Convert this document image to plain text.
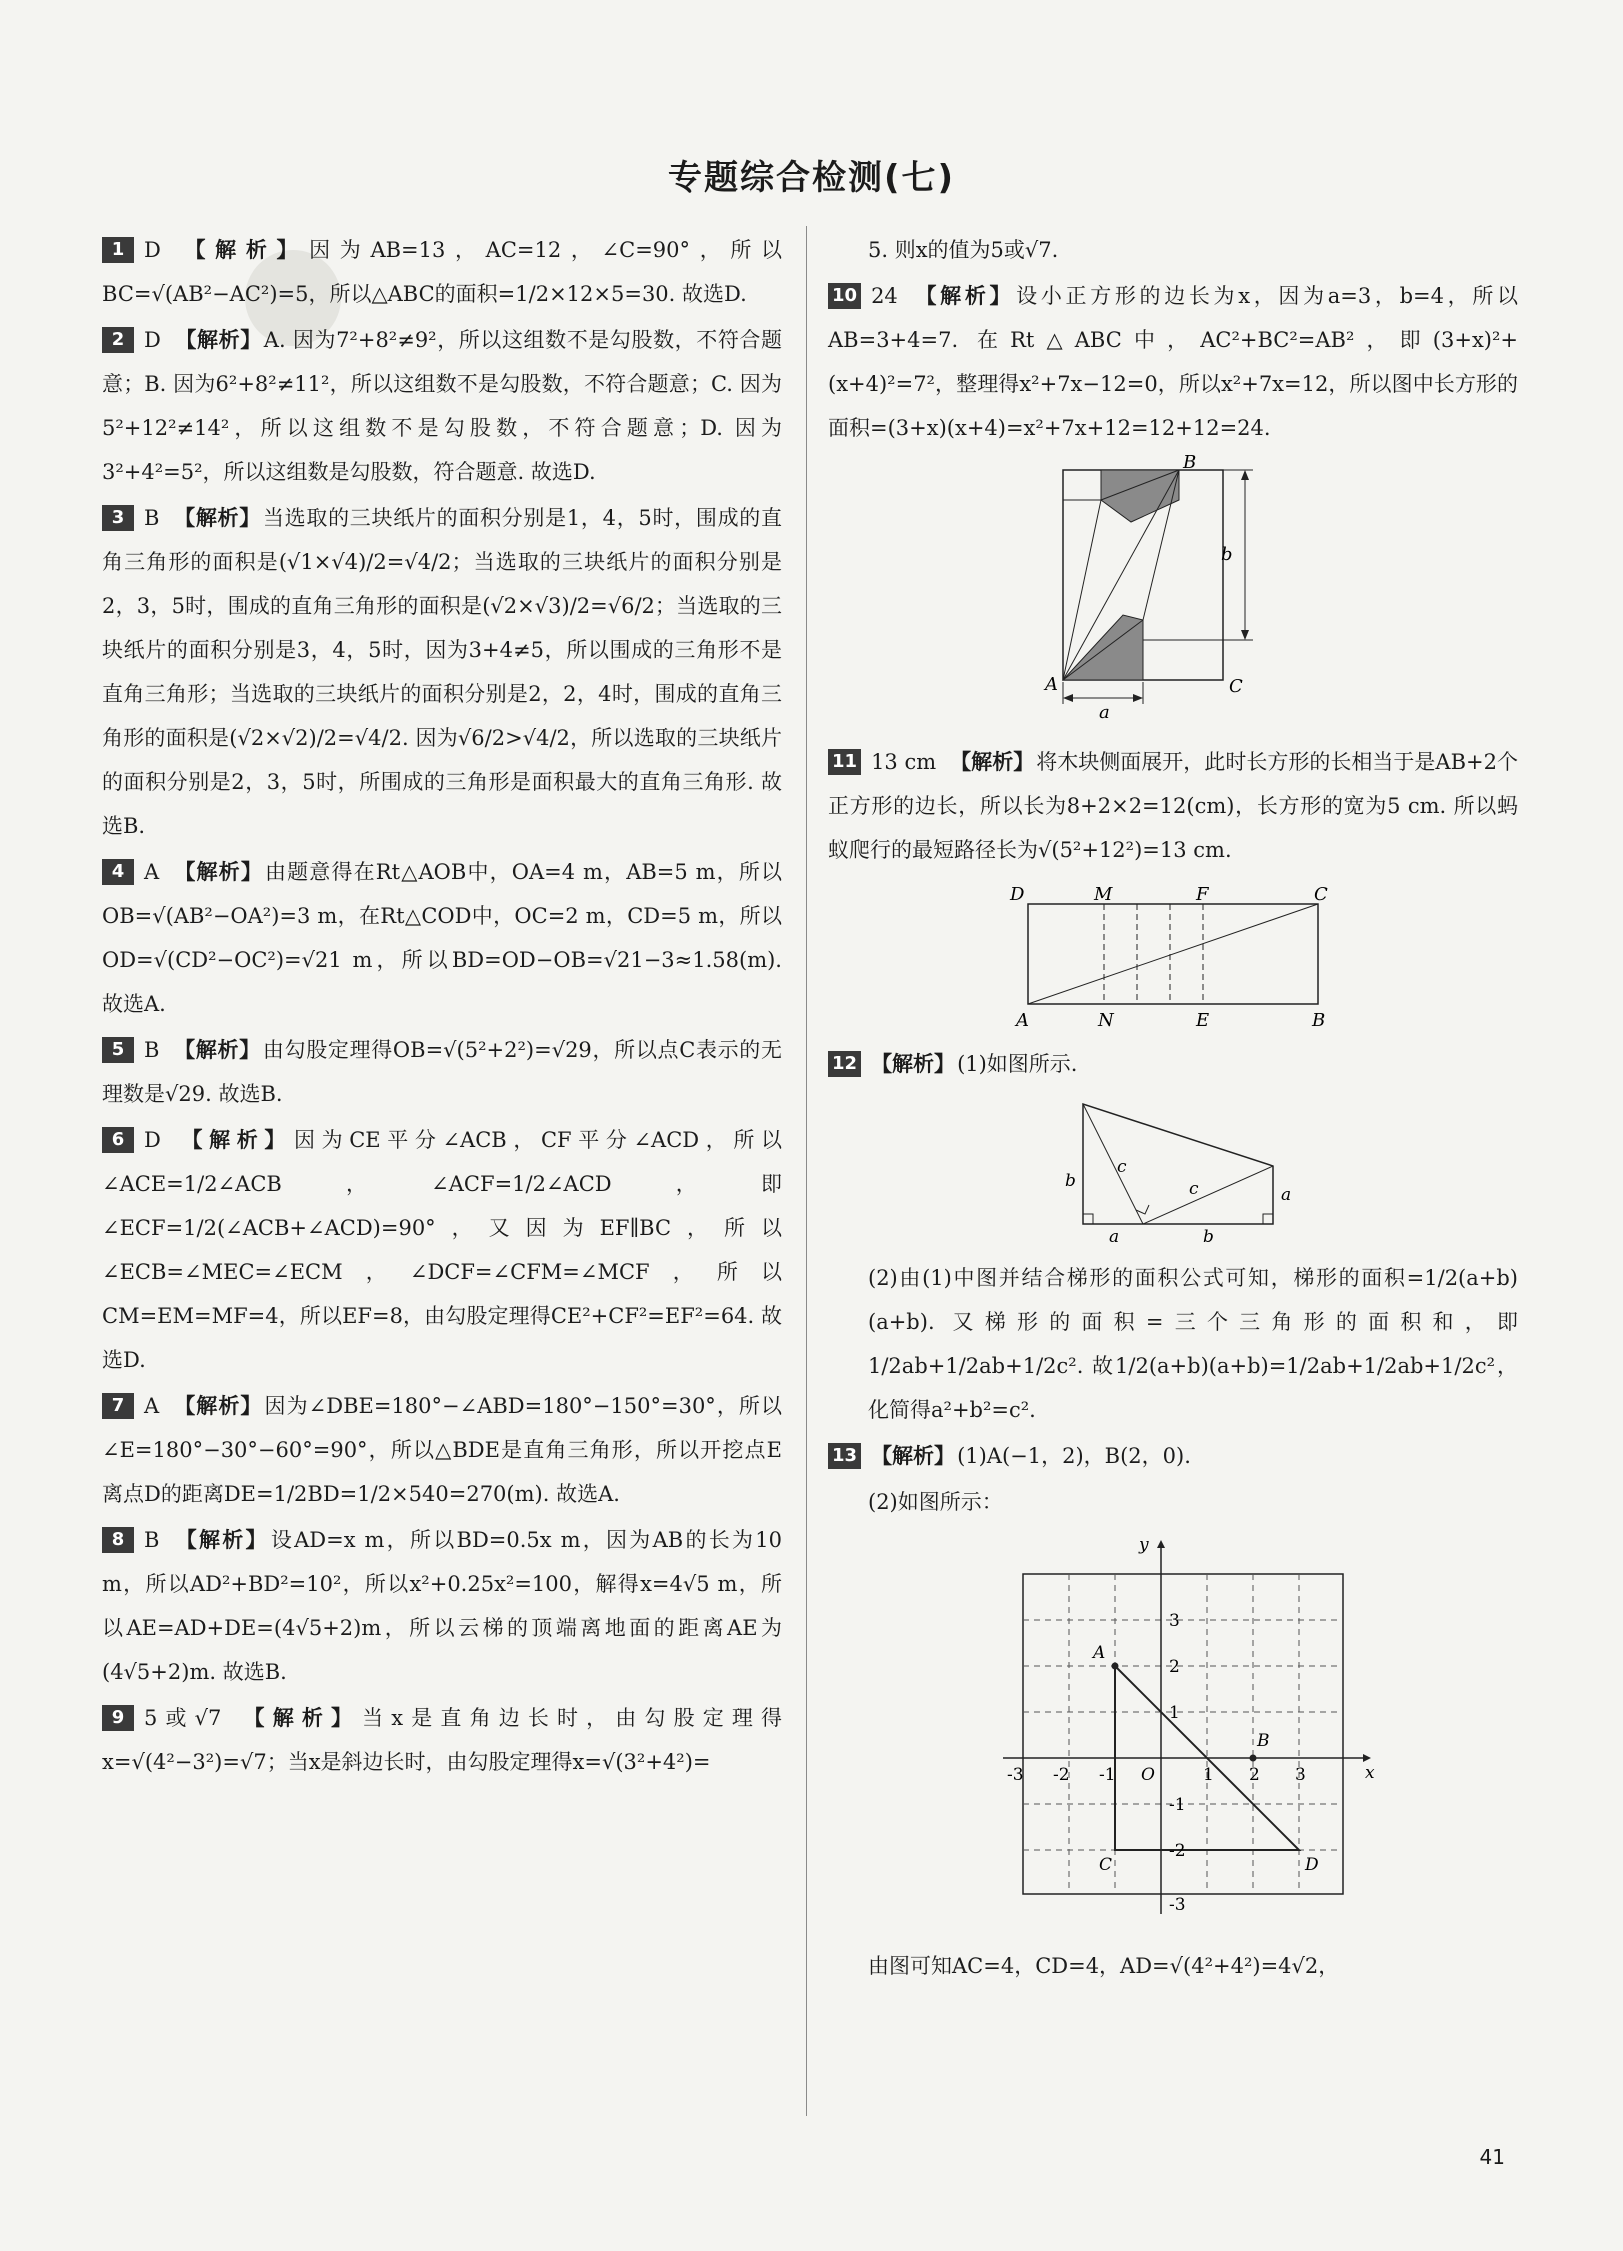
专题综合检测(七)
1 D 【解析】因为AB=13，AC=12，∠C=90°，所以BC=√(AB²−AC²)=5，所以△ABC的面积=1/2×12×5=30. 故选D.
2 D 【解析】A. 因为7²+8²≠9²，所以这组数不是勾股数，不符合题意；B. 因为6²+8²≠11²，所以这组数不是勾股数，不符合题意；C. 因为5²+12²≠14²，所以这组数不是勾股数，不符合题意；D. 因为3²+4²=5²，所以这组数是勾股数，符合题意. 故选D.
3 B 【解析】当选取的三块纸片的面积分别是1，4，5时，围成的直角三角形的面积是(√1×√4)/2=√4/2；当选取的三块纸片的面积分别是2，3，5时，围成的直角三角形的面积是(√2×√3)/2=√6/2；当选取的三块纸片的面积分别是3，4，5时，因为3+4≠5，所以围成的三角形不是直角三角形；当选取的三块纸片的面积分别是2，2，4时，围成的直角三角形的面积是(√2×√2)/2=√4/2. 因为√6/2>√4/2，所以选取的三块纸片的面积分别是2，3，5时，所围成的三角形是面积最大的直角三角形. 故选B.
4 A 【解析】由题意得在Rt△AOB中，OA=4 m，AB=5 m，所以OB=√(AB²−OA²)=3 m，在Rt△COD中，OC=2 m，CD=5 m，所以OD=√(CD²−OC²)=√21 m，所以BD=OD−OB=√21−3≈1.58(m). 故选A.
5 B 【解析】由勾股定理得OB=√(5²+2²)=√29，所以点C表示的无理数是√29. 故选B.
6 D 【解析】因为CE平分∠ACB，CF平分∠ACD，所以∠ACE=1/2∠ACB，∠ACF=1/2∠ACD，即∠ECF=1/2(∠ACB+∠ACD)=90°，又因为EF∥BC，所以∠ECB=∠MEC=∠ECM，∠DCF=∠CFM=∠MCF，所以CM=EM=MF=4，所以EF=8，由勾股定理得CE²+CF²=EF²=64. 故选D.
7 A 【解析】因为∠DBE=180°−∠ABD=180°−150°=30°，所以∠E=180°−30°−60°=90°，所以△BDE是直角三角形，所以开挖点E离点D的距离DE=1/2BD=1/2×540=270(m). 故选A.
8 B 【解析】设AD=x m，所以BD=0.5x m，因为AB的长为10 m，所以AD²+BD²=10²，所以x²+0.25x²=100，解得x=4√5 m，所以AE=AD+DE=(4√5+2)m，所以云梯的顶端离地面的距离AE为(4√5+2)m. 故选B.
9 5或√7 【解析】当x是直角边长时，由勾股定理得x=√(4²−3²)=√7；当x是斜边长时，由勾股定理得x=√(3²+4²)=
5. 则x的值为5或√7.
10 24 【解析】设小正方形的边长为x，因为a=3，b=4，所以AB=3+4=7. 在Rt△ABC中，AC²+BC²=AB²，即(3+x)²+(x+4)²=7²，整理得x²+7x−12=0，所以x²+7x=12，所以图中长方形的面积=(3+x)(x+4)=x²+7x+12=12+12=24.
B
A	C
a
b
11 13 cm 【解析】将木块侧面展开，此时长方形的长相当于是AB+2个正方形的边长，所以长为8+2×2=12(cm)，长方形的宽为5 cm. 所以蚂蚁爬行的最短路径长为√(5²+12²)=13 cm.
D	M	F	C
A	N	E	B
12 【解析】(1)如图所示.
b
c
c	a
a	b
(2)由(1)中图并结合梯形的面积公式可知，梯形的面积=1/2(a+b)(a+b). 又梯形的面积=三个三角形的面积和，即1/2ab+1/2ab+1/2c². 故1/2(a+b)(a+b)=1/2ab+1/2ab+1/2c²，化简得a²+b²=c².
13 【解析】(1)A(−1，2)，B(2，0).
(2)如图所示：
x
y
O
A
B
C	D
-3 -2 -1	1 2 3
3
2
1
-1
-2
-3
由图可知AC=4，CD=4，AD=√(4²+4²)=4√2，
41
